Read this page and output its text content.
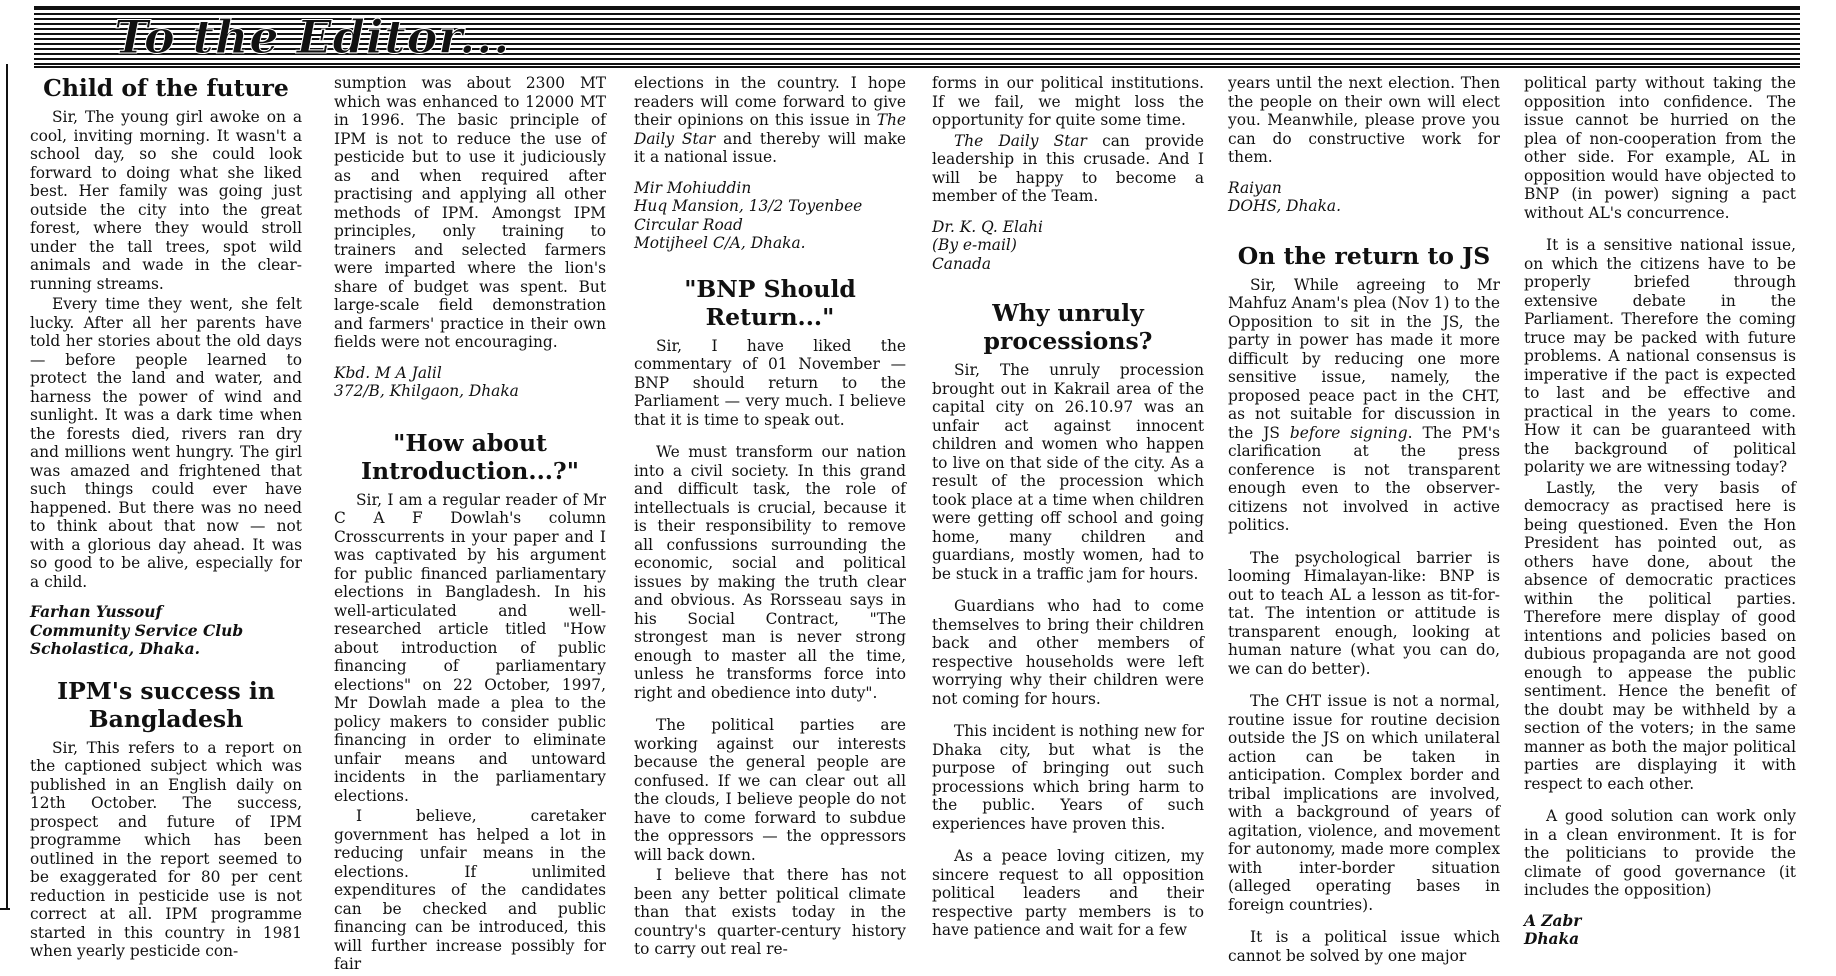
To the Editor...
Child of the future

Sir, The young girl awoke on a cool, inviting morning. It wasn't a school day, so she could look forward to doing what she liked best. Her family was going just outside the city into the great forest, where they would stroll under the tall trees, spot wild animals and wade in the clear-running streams.

Every time they went, she felt lucky. After all her parents have told her stories about the old days — before people learned to protect the land and water, and harness the power of wind and sunlight. It was a dark time when the forests died, rivers ran dry and millions went hungry. The girl was amazed and frightened that such things could ever have happened. But there was no need to think about that now — not with a glorious day ahead. It was so good to be alive, especially for a child.

Farhan Yussouf
Community Service Club
Scholastica, Dhaka.
IPM's success in Bangladesh

Sir, This refers to a report on the captioned subject which was published in an English daily on 12th October. The success, prospect and future of IPM programme which has been outlined in the report seemed to be exaggerated for 80 per cent reduction in pesticide use is not correct at all. IPM programme started in this country in 1981 when yearly pesticide con-

sumption was about 2300 MT which was enhanced to 12000 MT in 1996. The basic principle of IPM is not to reduce the use of pesticide but to use it judiciously as and when required after practising and applying all other methods of IPM. Amongst IPM principles, only training to trainers and selected farmers were imparted where the lion's share of budget was spent. But large-scale field demonstration and farmers' practice in their own fields were not encouraging.

Kbd. M A Jalil
372/B, Khilgaon, Dhaka
"How about Introduction...?"

Sir, I am a regular reader of Mr C A F Dowlah's column Crosscurrents in your paper and I was captivated by his argument for public financed parliamentary elections in Bangladesh. In his well-articulated and well-researched article titled "How about introduction of public financing of parliamentary elections" on 22 October, 1997, Mr Dowlah made a plea to the policy makers to consider public financing in order to eliminate unfair means and untoward incidents in the parliamentary elections.

I believe, caretaker government has helped a lot in reducing unfair means in the elections. If unlimited expenditures of the candidates can be checked and public financing can be introduced, this will further increase possibly for fair

elections in the country. I hope readers will come forward to give their opinions on this issue in The Daily Star and thereby will make it a national issue.

Mir Mohiuddin
Huq Mansion, 13/2 Toyenbee
Circular Road
Motijheel C/A, Dhaka.
"BNP Should Return..."

Sir, I have liked the commentary of 01 November — BNP should return to the Parliament — very much. I believe that it is time to speak out.

We must transform our nation into a civil society. In this grand and difficult task, the role of intellectuals is crucial, because it is their responsibility to remove all confussions surrounding the economic, social and political issues by making the truth clear and obvious. As Rorsseau says in his Social Contract, "The strongest man is never strong enough to master all the time, unless he transforms force into right and obedience into duty".

The political parties are working against our interests because the general people are confused. If we can clear out all the clouds, I believe people do not have to come forward to subdue the oppressors — the oppressors will back down.

I believe that there has not been any better political climate than that exists today in the country's quarter-century history to carry out real re-

forms in our political institutions. If we fail, we might loss the opportunity for quite some time.

The Daily Star can provide leadership in this crusade. And I will be happy to become a member of the Team.

Dr. K. Q. Elahi
(By e-mail)
Canada
Why unruly processions?

Sir, The unruly procession brought out in Kakrail area of the capital city on 26.10.97 was an unfair act against innocent children and women who happen to live on that side of the city. As a result of the procession which took place at a time when children were getting off school and going home, many children and guardians, mostly women, had to be stuck in a traffic jam for hours.

Guardians who had to come themselves to bring their children back and other members of respective households were left worrying why their children were not coming for hours.

This incident is nothing new for Dhaka city, but what is the purpose of bringing out such processions which bring harm to the public. Years of such experiences have proven this.

As a peace loving citizen, my sincere request to all opposition political leaders and their respective party members is to have patience and wait for a few

years until the next election. Then the people on their own will elect you. Meanwhile, please prove you can do constructive work for them.

Raiyan
DOHS, Dhaka.
On the return to JS

Sir, While agreeing to Mr Mahfuz Anam's plea (Nov 1) to the Opposition to sit in the JS, the party in power has made it more difficult by reducing one more sensitive issue, namely, the proposed peace pact in the CHT, as not suitable for discussion in the JS before signing. The PM's clarification at the press conference is not transparent enough even to the observer-citizens not involved in active politics.

The psychological barrier is looming Himalayan-like: BNP is out to teach AL a lesson as tit-for-tat. The intention or attitude is transparent enough, looking at human nature (what you can do, we can do better).

The CHT issue is not a normal, routine issue for routine decision outside the JS on which unilateral action can be taken in anticipation. Complex border and tribal implications are involved, with a background of years of agitation, violence, and movement for autonomy, made more complex with inter-border situation (alleged operating bases in foreign countries).

It is a political issue which cannot be solved by one major

political party without taking the opposition into confidence. The issue cannot be hurried on the plea of non-cooperation from the other side. For example, AL in opposition would have objected to BNP (in power) signing a pact without AL's concurrence.

It is a sensitive national issue, on which the citizens have to be properly briefed through extensive debate in the Parliament. Therefore the coming truce may be packed with future problems. A national consensus is imperative if the pact is expected to last and be effective and practical in the years to come. How it can be guaranteed with the background of political polarity we are witnessing today?

Lastly, the very basis of democracy as practised here is being questioned. Even the Hon President has pointed out, as others have done, about the absence of democratic practices within the political parties. Therefore mere display of good intentions and policies based on dubious propaganda are not good enough to appease the public sentiment. Hence the benefit of the doubt may be withheld by a section of the voters; in the same manner as both the major political parties are displaying it with respect to each other.

A good solution can work only in a clean environment. It is for the politicians to provide the climate of good governance (it includes the opposition)

A Zabr
Dhaka
